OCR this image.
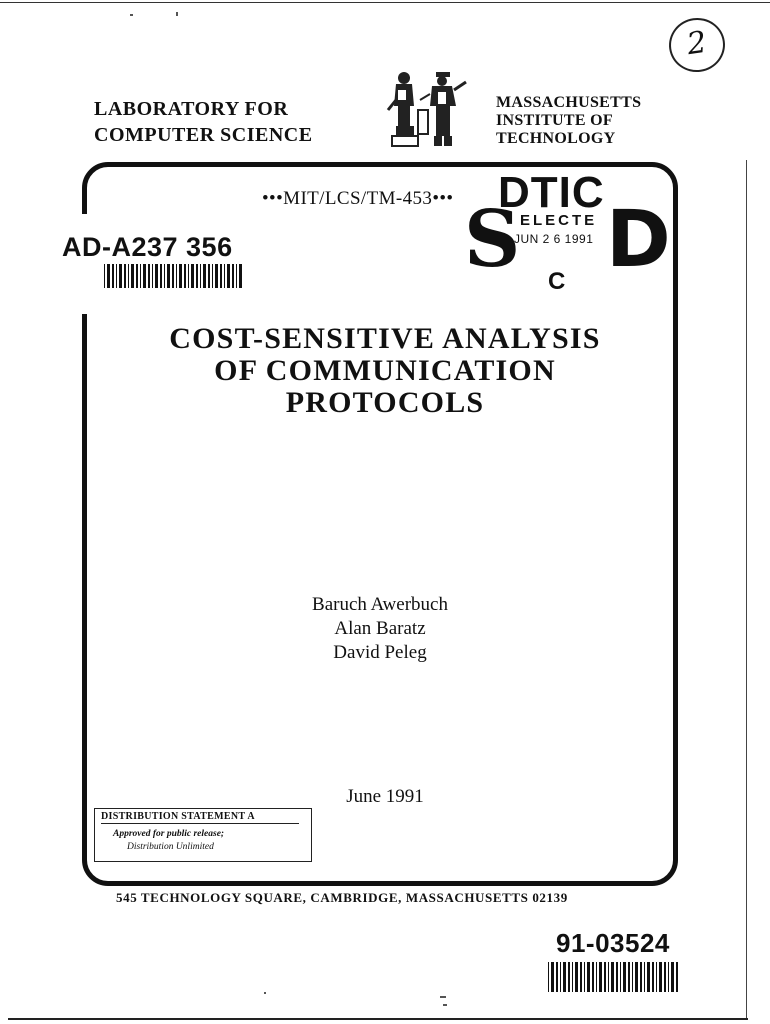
2
LABORATORY FOR
COMPUTER SCIENCE
MASSACHUSETTS
INSTITUTE OF
TECHNOLOGY
•••MIT/LCS/TM-453••• DTIC
S ELECTE
JUN 2 6 1991 D
C
AD-A237 356
COST-SENSITIVE ANALYSIS
OF COMMUNICATION
PROTOCOLS
Baruch Awerbuch
Alan Baratz
David Peleg
June 1991
DISTRIBUTION STATEMENT A
Approved for public release;
Distribution Unlimited
545 TECHNOLOGY SQUARE, CAMBRIDGE, MASSACHUSETTS 02139
91-03524
